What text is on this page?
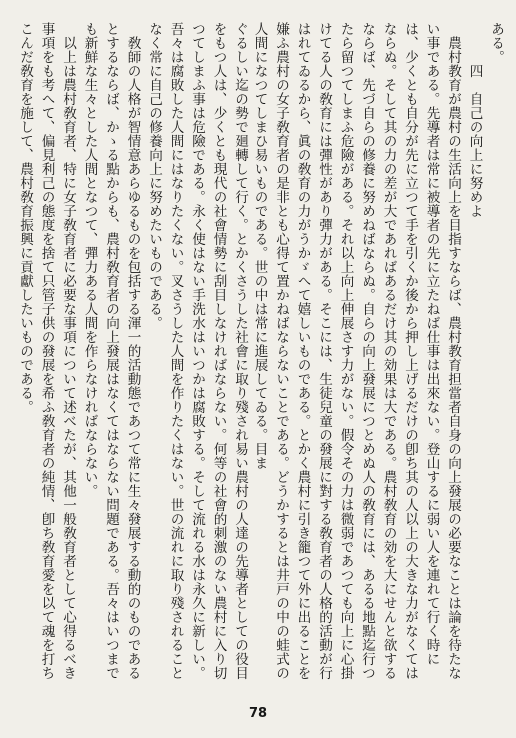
ある。
　　　四　自己の向上に努めよ
　農村教育が農村の生活向上を目指すならば、農村教育担當者自身の向上發展の必要なことは論を待たない事である。先導者は常に被導者の先に立たねば仕事は出來ない。登山するに弱い人を連れて行く時には、少くとも自分が先に立つて手を引くか後から押し上げるだけの卽ち其の人以上の大きな力がなくてはならぬ。そして其の力の差が大であればあるだけ其の効果は大である。農村敎育の効を大にせんと欲するならば、先づ自らの修養に努めねばならぬ。自らの向上發展につとめぬ人の敎育には、あるる地點迄行つたら留つてしまふ危險がある。それ以上向上伸展さす力がない。假令その力は微弱であつても向上に心掛けてる人の敎育には彈性があり彈力がある。そこには、生徒兒童の發展に對する敎育者の人格的活動が行はれてゐるから、眞の敎育の力がうかゞへて嬉しいものである。とかく農村に引き籠つて外に出ることを嫌ふ農村の女子敎育者の是非とも心得て置かねばならないことである。どうかするとは井戸の中の蛙式の人間になつてしまひ易いものである。世の中は常に進展してゐる。目ま
ぐるしい迄の勢で廻轉して行く。とかくさうした社會に取り殘され易い農村の人達の先導者としての役目をもつ人は、少くとも現代の社會情勢に刮目しなければならない。何等の社會的刺激のない農村に入り切つてしまふ事は危險である。永く使はない手洗水はいつかは腐敗する。そして流れる水は永久に新しい。吾々は腐敗した人間にはなりたくない。叉さうした人間を作りたくはない。世の流れに取り殘されることなく常に自己の修養向上に努めたいものである。
　敎師の人格が智情意あらゆるものを包括する渾一的活動態であつて常に生々發展する動的のものであるとするならば、かゝる點からも、農村敎育者の向上發展はなくてはならない問題である。吾々はいつまでも新鮮な生々とした人間となつて、彈力ある人間を作らなければならない。
　以上は農村敎育者、特に女子敎育者に必要な事項について述べたが、其他一般敎育者として心得るべき事項をも考へて、偏見利己の態度を捨て只管子供の發展を希ふ敎育者の純情、卽ち敎育愛を以て魂を打ちこんだ敎育を施して、農村敎育振興に貢獻したいものである。
78
